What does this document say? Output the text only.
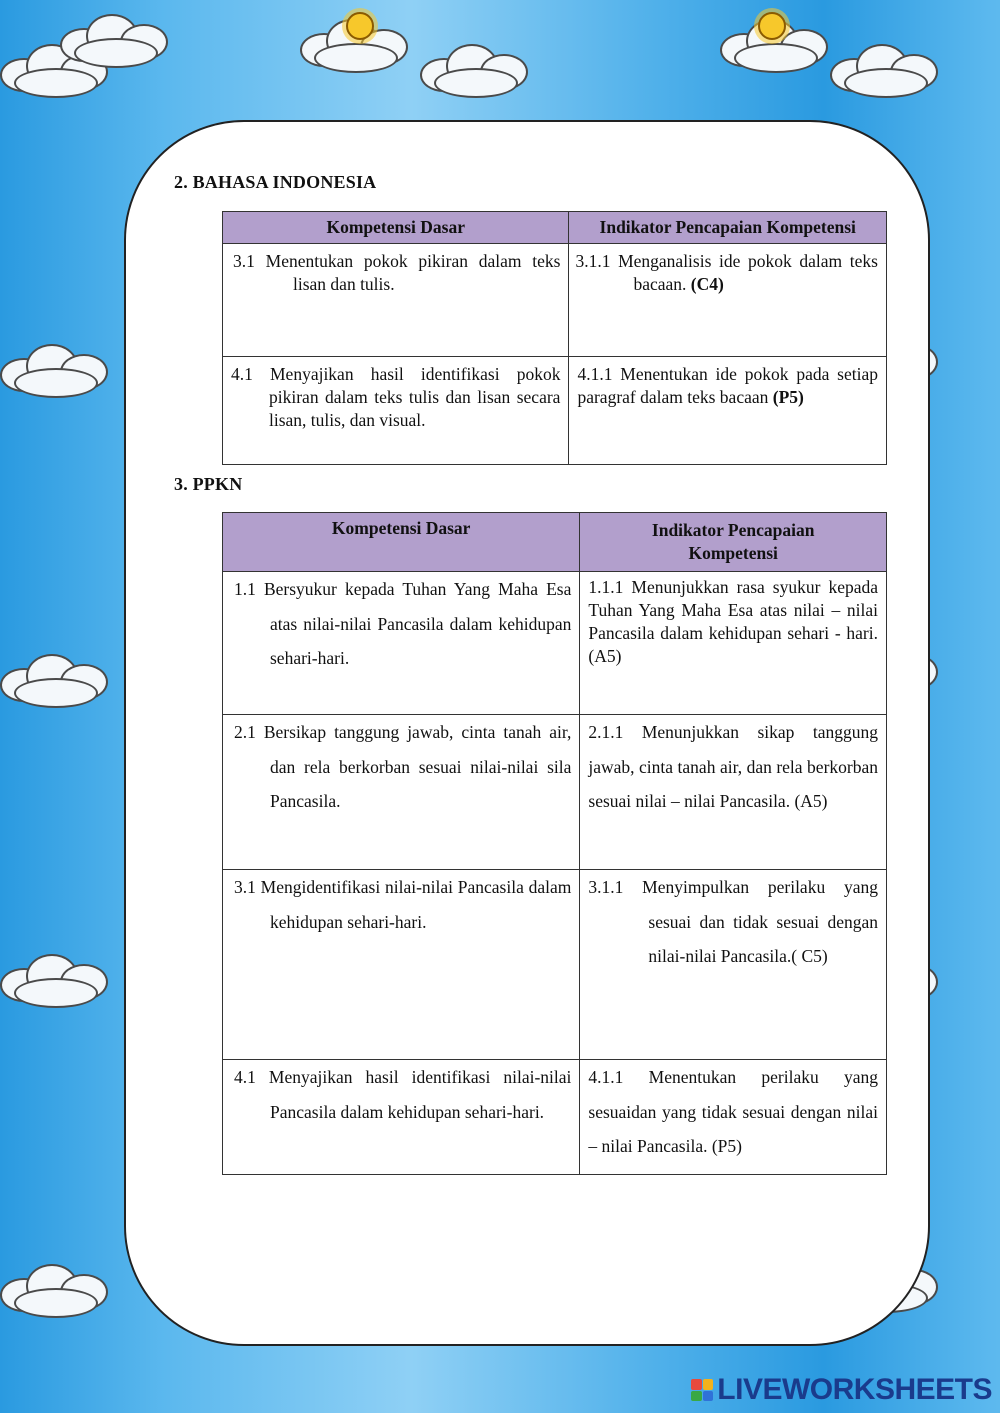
2. BAHASA INDONESIA
Kompetensi Dasar	Indikator Pencapaian Kompetensi
3.1 Menentukan pokok pikiran dalam teks lisan dan tulis.	3.1.1 Menganalisis ide pokok dalam teks bacaan. (C4)
4.1 Menyajikan hasil identifikasi pokok pikiran dalam teks tulis dan lisan secara lisan, tulis, dan visual.	4.1.1 Menentukan ide pokok pada setiap paragraf dalam teks bacaan (P5)
3. PPKN
Kompetensi Dasar	Indikator Pencapaian Kompetensi
1.1 Bersyukur kepada Tuhan Yang Maha Esa atas nilai-nilai Pancasila dalam kehidupan sehari-hari.	1.1.1 Menunjukkan rasa syukur kepada Tuhan Yang Maha Esa atas nilai – nilai Pancasila dalam kehidupan sehari - hari. (A5)
2.1 Bersikap tanggung jawab, cinta tanah air, dan rela berkorban sesuai nilai-nilai sila Pancasila.	2.1.1 Menunjukkan sikap tanggung jawab, cinta tanah air, dan rela berkorban sesuai nilai – nilai Pancasila. (A5)
3.1 Mengidentifikasi nilai-nilai Pancasila dalam kehidupan sehari-hari.	3.1.1 Menyimpulkan perilaku yang sesuai dan tidak sesuai dengan nilai-nilai Pancasila.( C5)
4.1 Menyajikan hasil identifikasi nilai-nilai Pancasila dalam kehidupan sehari-hari.	4.1.1 Menentukan perilaku yang sesuaidan yang tidak sesuai dengan nilai – nilai Pancasila. (P5)
LIVEWORKSHEETS
